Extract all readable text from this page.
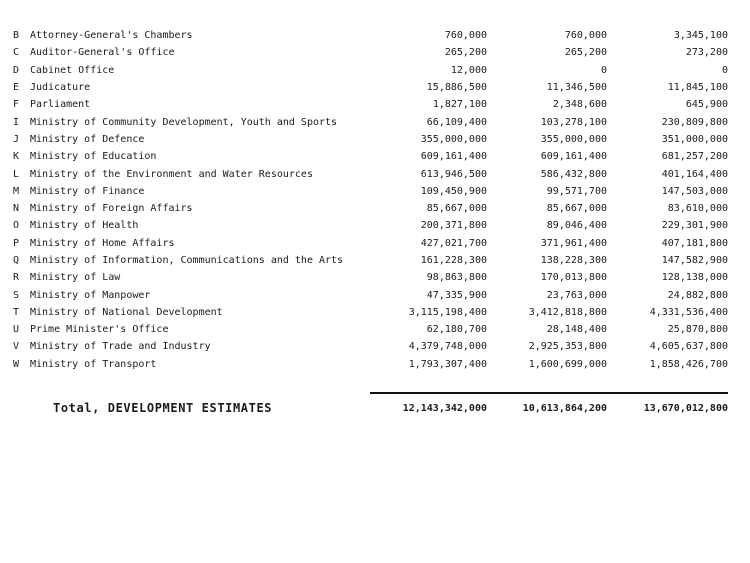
B	Attorney-General's Chambers	760,000	760,000	3,345,100
C	Auditor-General's Office	265,200	265,200	273,200
D	Cabinet Office	12,000	0	0
E	Judicature	15,886,500	11,346,500	11,845,100
F	Parliament	1,827,100	2,348,600	645,900
I	Ministry of Community Development, Youth and Sports	66,109,400	103,278,100	230,809,800
J	Ministry of Defence	355,000,000	355,000,000	351,000,000
K	Ministry of Education	609,161,400	609,161,400	681,257,200
L	Ministry of the Environment and Water Resources	613,946,500	586,432,800	401,164,400
M	Ministry of Finance	109,450,900	99,571,700	147,503,000
N	Ministry of Foreign Affairs	85,667,000	85,667,000	83,610,000
O	Ministry of Health	200,371,800	89,046,400	229,301,900
P	Ministry of Home Affairs	427,021,700	371,961,400	407,181,800
Q	Ministry of Information, Communications and the Arts	161,228,300	138,228,300	147,582,900
R	Ministry of Law	98,863,800	170,013,800	128,138,000
S	Ministry of Manpower	47,335,900	23,763,000	24,882,800
T	Ministry of National Development	3,115,198,400	3,412,818,800	4,331,536,400
U	Prime Minister's Office	62,180,700	28,148,400	25,870,800
V	Ministry of Trade and Industry	4,379,748,000	2,925,353,800	4,605,637,800
W	Ministry of Transport	1,793,307,400	1,600,699,000	1,858,426,700
Total, DEVELOPMENT ESTIMATES	12,143,342,000	10,613,864,200	13,670,012,800
